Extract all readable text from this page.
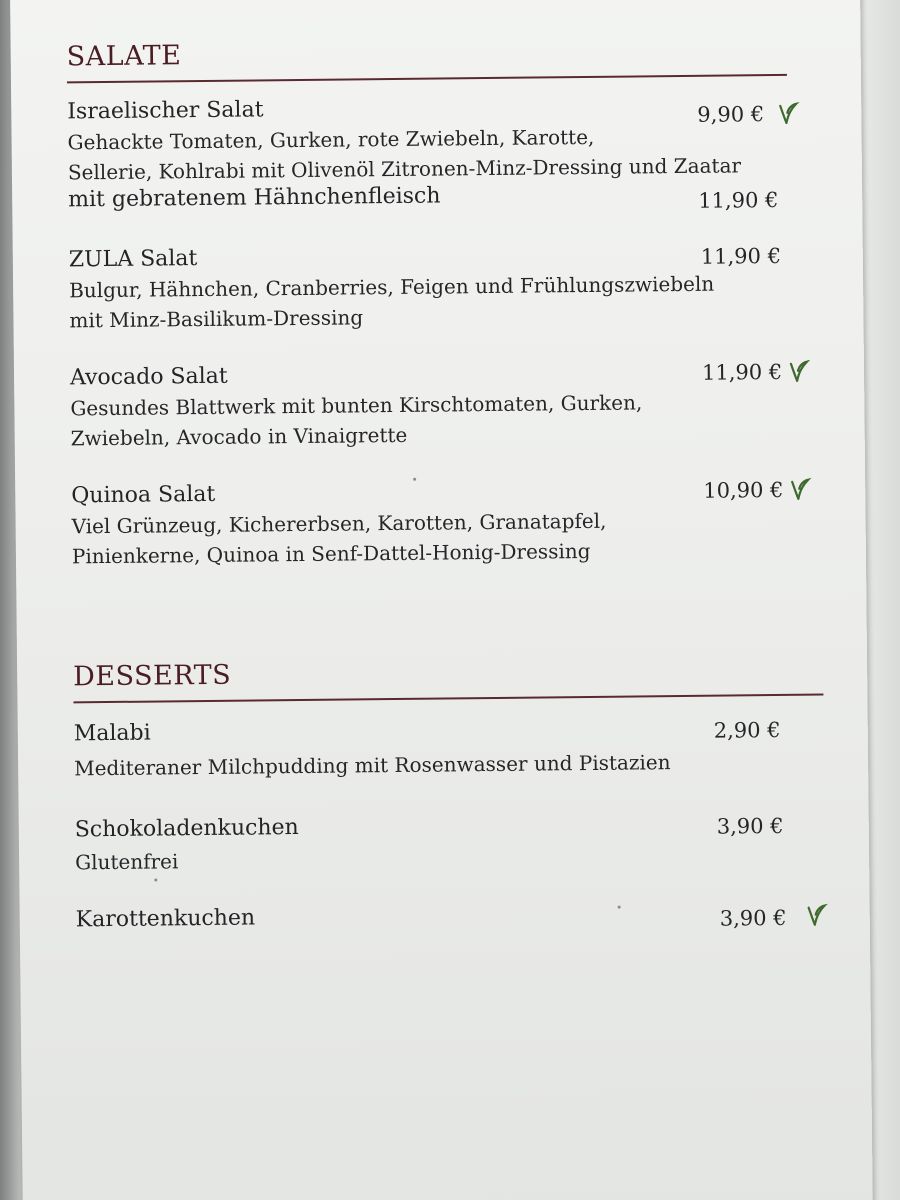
SALATE
Israelischer Salat	9,90 €
Gehackte Tomaten, Gurken, rote Zwiebeln, Karotte,
Sellerie, Kohlrabi mit Olivenöl Zitronen-Minz-Dressing und Zaatar
mit gebratenem Hähnchenfleisch	11,90 €
ZULA Salat	11,90 €
Bulgur, Hähnchen, Cranberries, Feigen und Frühlungszwiebeln
mit Minz-Basilikum-Dressing
Avocado Salat	11,90 €
Gesundes Blattwerk mit bunten Kirschtomaten, Gurken,
Zwiebeln, Avocado in Vinaigrette
Quinoa Salat	10,90 €
Viel Grünzeug, Kichererbsen, Karotten, Granatapfel,
Pinienkerne, Quinoa in Senf-Dattel-Honig-Dressing
DESSERTS
Malabi	2,90 €
Mediteraner Milchpudding mit Rosenwasser und Pistazien
Schokoladenkuchen	3,90 €
Glutenfrei
Karottenkuchen	3,90 €
